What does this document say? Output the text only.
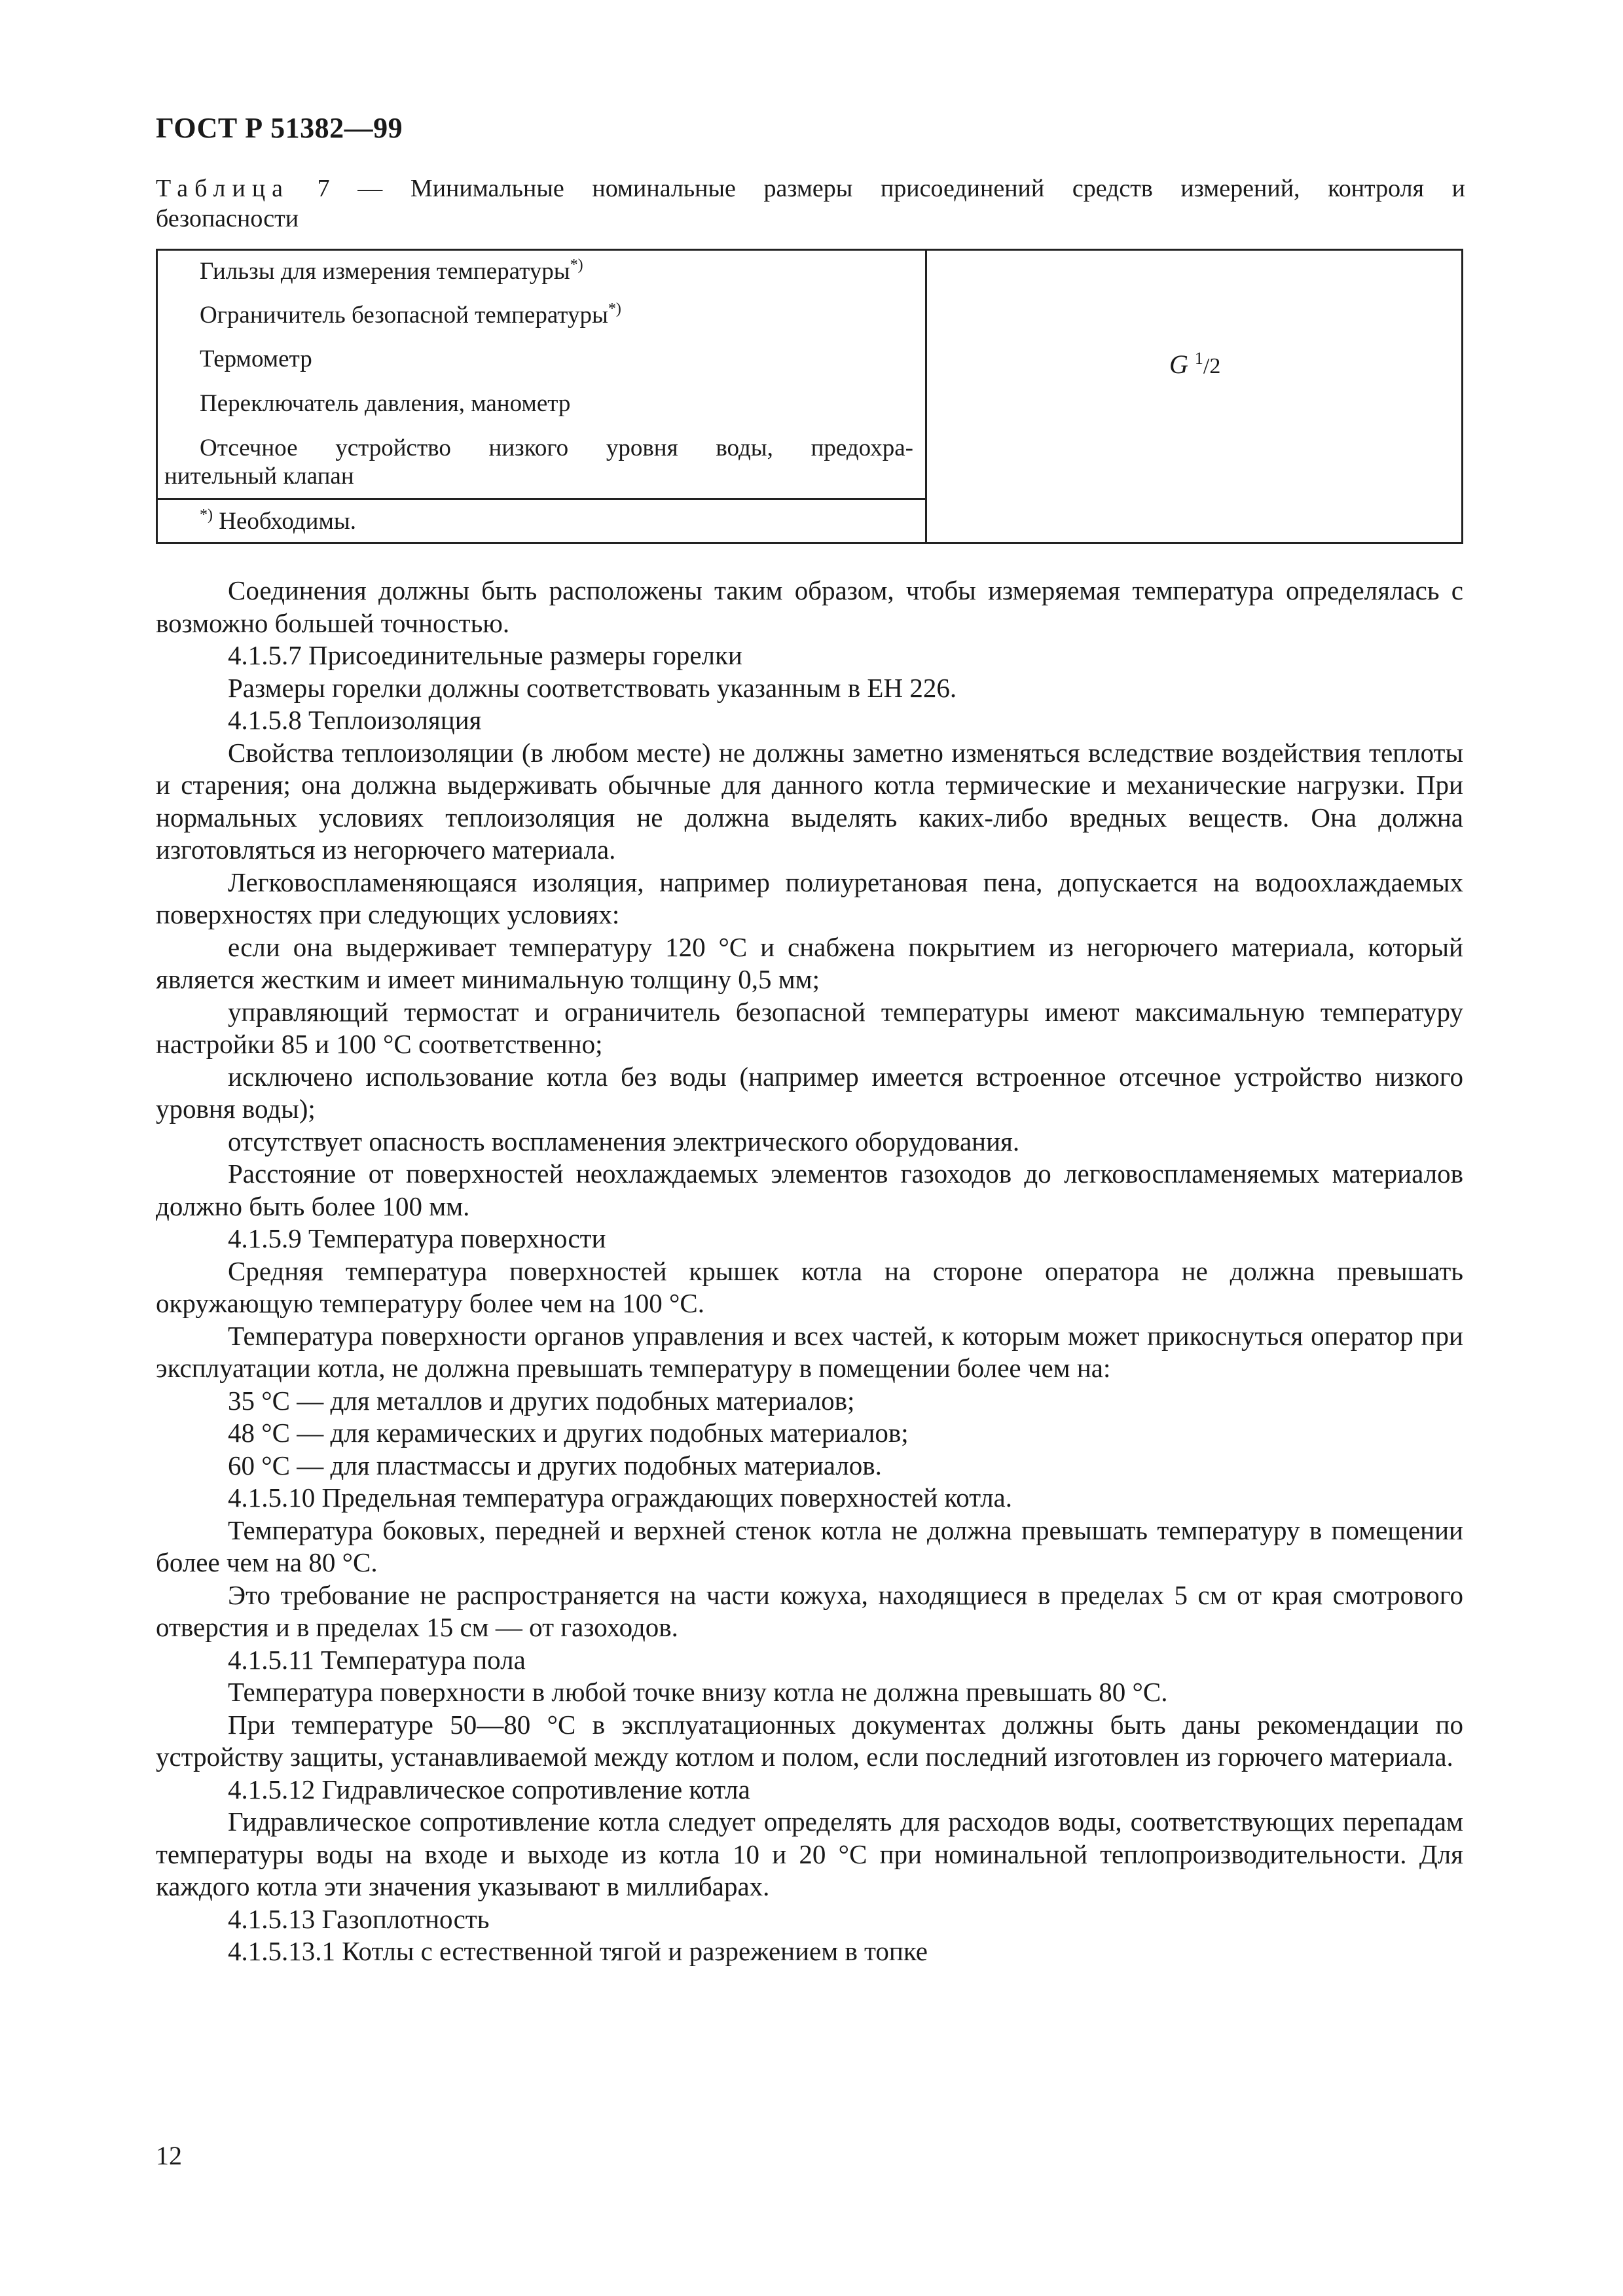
ГОСТ Р 51382—99
Таблица 7 — Минимальные номинальные размеры присоединений средств измерений, контроля и
безопасности
Гильзы для измерения температуры*)
Ограничитель безопасной температуры*)
Термометр
Переключатель давления, манометр
Отсечное устройство низкого уровня воды, предохра-
нительный клапан
*) Необходимы.
G $^1$/2

Соединения должны быть расположены таким образом, чтобы измеряемая температура определялась с возможно большей точностью.

4.1.5.7 Присоединительные размеры горелки

Размеры горелки должны соответствовать указанным в ЕН 226.

4.1.5.8 Теплоизоляция

Свойства теплоизоляции (в любом месте) не должны заметно изменяться вследствие воздействия теплоты и старения; она должна выдерживать обычные для данного котла термические и механические нагрузки. При нормальных условиях теплоизоляция не должна выделять каких-либо вредных веществ. Она должна изготовляться из негорючего материала.

Легковоспламеняющаяся изоляция, например полиуретановая пена, допускается на водоохлаждаемых поверхностях при следующих условиях:

если она выдерживает температуру 120 °С и снабжена покрытием из негорючего материала, который является жестким и имеет минимальную толщину 0,5 мм;

управляющий термостат и ограничитель безопасной температуры имеют максимальную температуру настройки 85 и 100 °С соответственно;

исключено использование котла без воды (например имеется встроенное отсечное устройство низкого уровня воды);

отсутствует опасность воспламенения электрического оборудования.

Расстояние от поверхностей неохлаждаемых элементов газоходов до легковоспламеняемых материалов должно быть более 100 мм.

4.1.5.9 Температура поверхности

Средняя температура поверхностей крышек котла на стороне оператора не должна превышать окружающую температуру более чем на 100 °С.

Температура поверхности органов управления и всех частей, к которым может прикоснуться оператор при эксплуатации котла, не должна превышать температуру в помещении более чем на:

35 °С — для металлов и других подобных материалов;

48 °С — для керамических и других подобных материалов;

60 °С — для пластмассы и других подобных материалов.

4.1.5.10 Предельная температура ограждающих поверхностей котла.

Температура боковых, передней и верхней стенок котла не должна превышать температуру в помещении более чем на 80 °С.

Это требование не распространяется на части кожуха, находящиеся в пределах 5 см от края смотрового отверстия и в пределах 15 см — от газоходов.

4.1.5.11 Температура пола

Температура поверхности в любой точке внизу котла не должна превышать 80 °С.

При температуре 50—80 °С в эксплуатационных документах должны быть даны рекомендации по устройству защиты, устанавливаемой между котлом и полом, если последний изготовлен из горючего материала.

4.1.5.12 Гидравлическое сопротивление котла

Гидравлическое сопротивление котла следует определять для расходов воды, соответствующих перепадам температуры воды на входе и выходе из котла 10 и 20 °С при номинальной теплопроизводительности. Для каждого котла эти значения указывают в миллибарах.

4.1.5.13 Газоплотность

4.1.5.13.1 Котлы с естественной тягой и разрежением в топке

12
